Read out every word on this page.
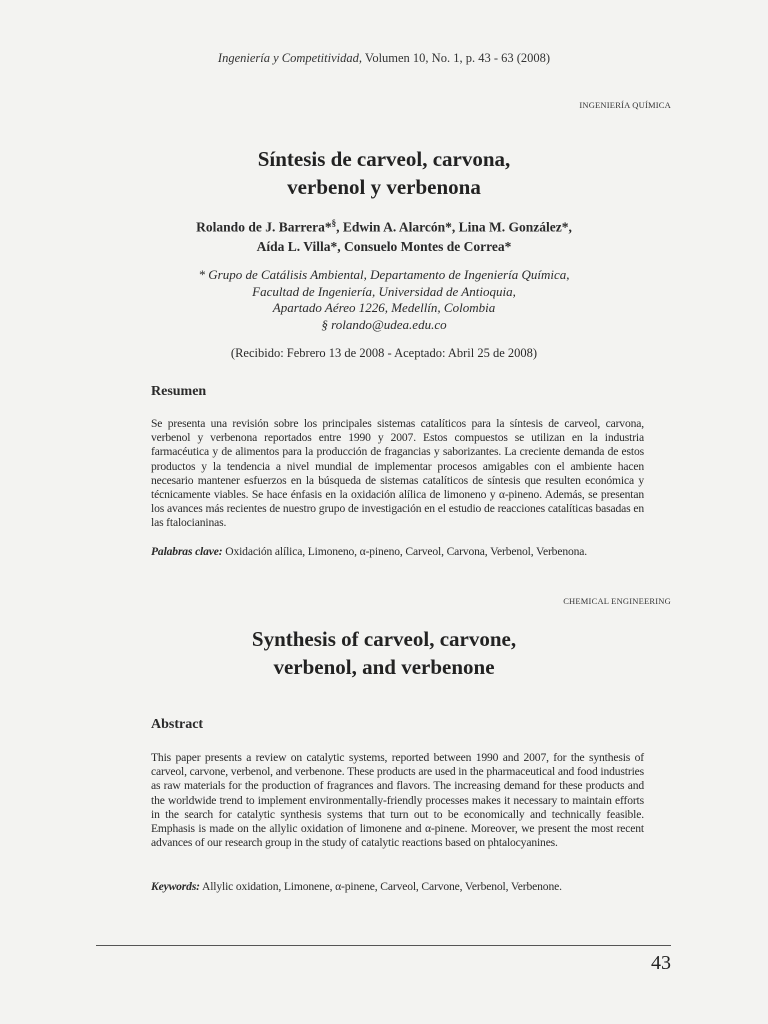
Ingeniería y Competitividad, Volumen 10, No. 1, p. 43 - 63 (2008)
INGENIERÍA QUÍMICA
Síntesis de carveol, carvona,
verbenol y verbenona
Rolando de J. Barrera*§, Edwin A. Alarcón*, Lina M. González*,
Aída L. Villa*, Consuelo Montes de Correa*
* Grupo de Catálisis Ambiental, Departamento de Ingeniería Química,
Facultad de Ingeniería, Universidad de Antioquia,
Apartado Aéreo 1226, Medellín, Colombia
§ rolando@udea.edu.co
(Recibido: Febrero 13 de 2008 - Aceptado: Abril 25 de 2008)
Resumen
Se presenta una revisión sobre los principales sistemas catalíticos para la síntesis de carveol, carvona, verbenol y verbenona reportados entre 1990 y 2007. Estos compuestos se utilizan en la industria farmacéutica y de alimentos para la producción de fragancias y saborizantes. La creciente demanda de estos productos y la tendencia a nivel mundial de implementar procesos amigables con el ambiente hacen necesario mantener esfuerzos en la búsqueda de sistemas catalíticos de síntesis que resulten económica y técnicamente viables. Se hace énfasis en la oxidación alílica de limoneno y α-pineno. Además, se presentan los avances más recientes de nuestro grupo de investigación en el estudio de reacciones catalíticas basadas en las ftalocianinas.
Palabras clave: Oxidación alílica, Limoneno, α-pineno, Carveol, Carvona, Verbenol, Verbenona.
CHEMICAL ENGINEERING
Synthesis of carveol, carvone,
verbenol, and verbenone
Abstract
This paper presents a review on catalytic systems, reported between 1990 and 2007, for the synthesis of carveol, carvone, verbenol, and verbenone. These products are used in the pharmaceutical and food industries as raw materials for the production of fragrances and flavors. The increasing demand for these products and the worldwide trend to implement environmentally-friendly processes makes it necessary to maintain efforts in the search for catalytic synthesis systems that turn out to be economically and technically feasible. Emphasis is made on the allylic oxidation of limonene and α-pinene. Moreover, we present the most recent advances of our research group in the study of catalytic reactions based on phtalocyanines.
Keywords: Allylic oxidation, Limonene, α-pinene, Carveol, Carvone, Verbenol, Verbenone.
43
